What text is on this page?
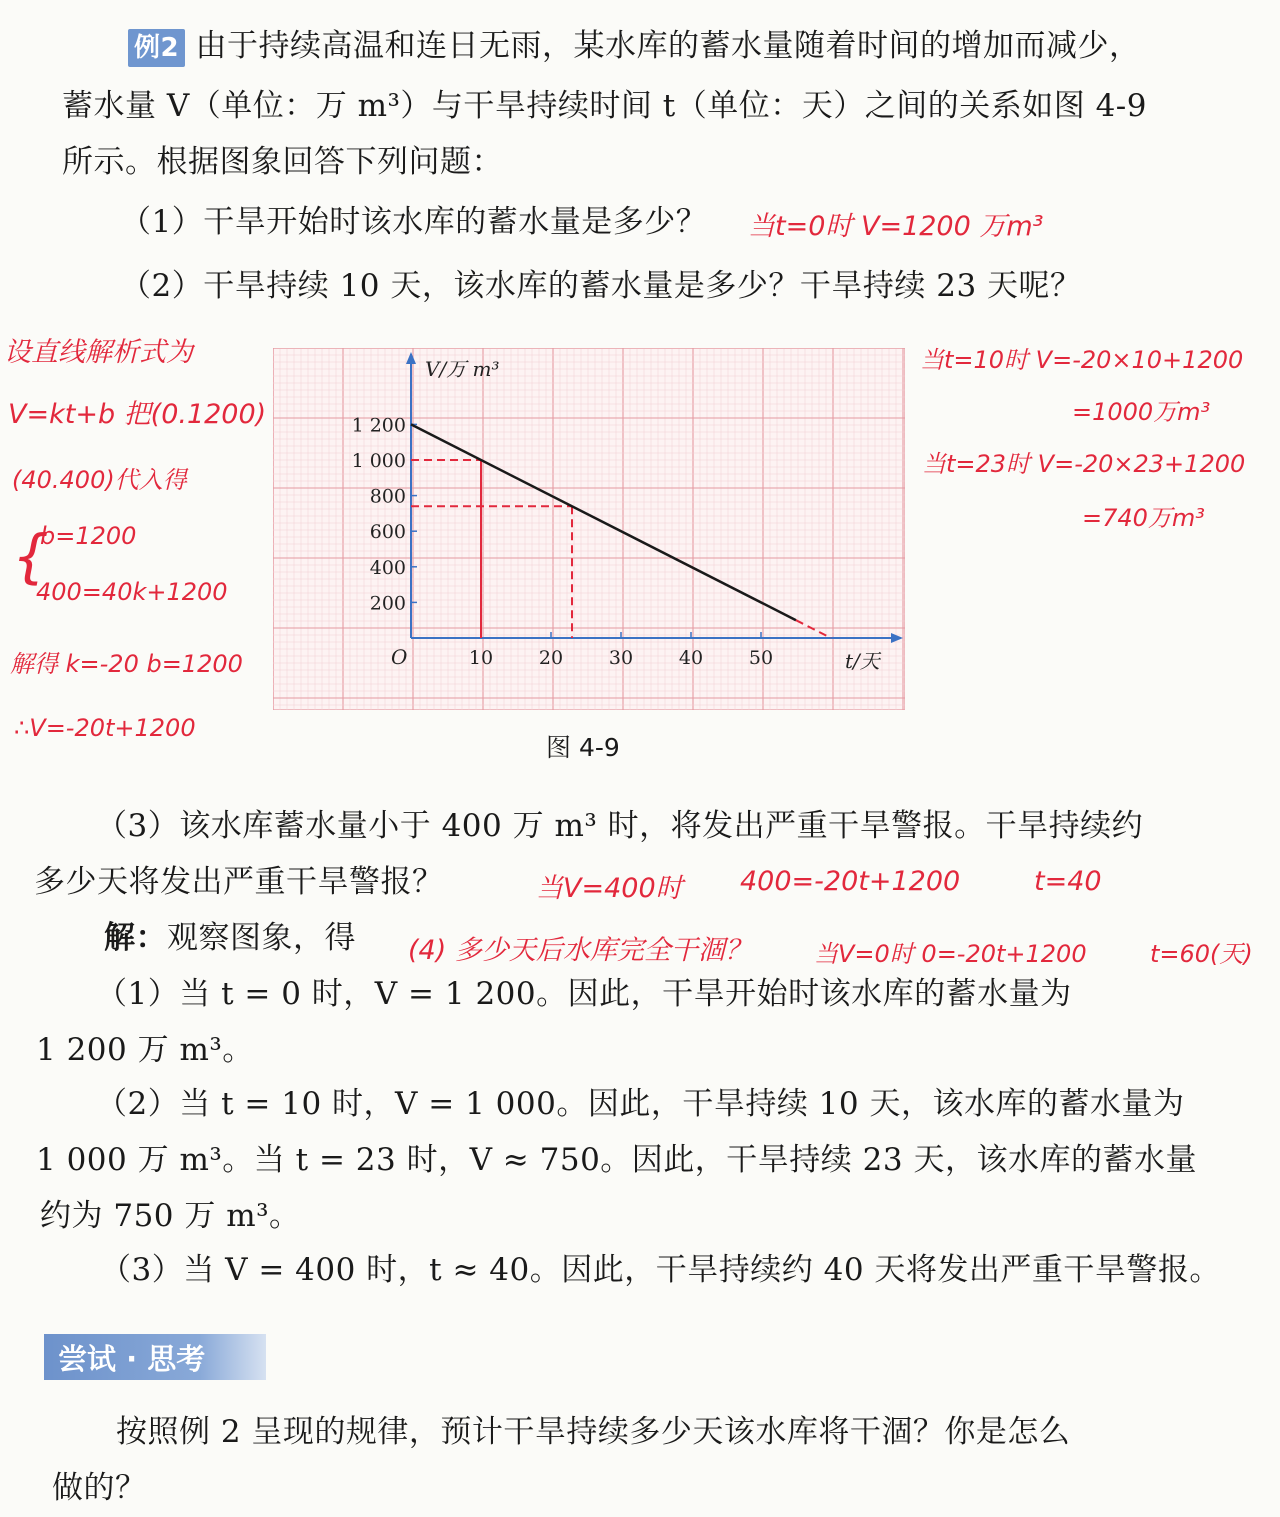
例2 由于持续高温和连日无雨，某水库的蓄水量随着时间的增加而减少，
蓄水量 V（单位：万 m³）与干旱持续时间 t（单位：天）之间的关系如图 4-9
所示。根据图象回答下列问题：
（1）干旱开始时该水库的蓄水量是多少？ 当t=0时 V=1200 万m³
（2）干旱持续 10 天，该水库的蓄水量是多少？干旱持续 23 天呢？
设直线解析式为
V=kt+b 把(0.1200)
(40.400)代入得
{
b=1200
400=40k+1200
解得 k=-20 b=1200
∴V=-20t+1200
当t=10时 V=-20×10+1200
=1000万m³
当t=23时 V=-20×23+1200
=740万m³
V/万 m³
t/天
O	10 20 30 40 50
200
400
600
800
1 000
1 200
图 4-9
（3）该水库蓄水量小于 400 万 m³ 时，将发出严重干旱警报。干旱持续约
多少天将发出严重干旱警报？	当V=400时 400=-20t+1200	t=40
解：观察图象，得 (4) 多少天后水库完全干涸？	当V=0时 0=-20t+1200	t=60(天)
（1）当 t = 0 时，V = 1 200。因此，干旱开始时该水库的蓄水量为
1 200 万 m³。
（2）当 t = 10 时，V = 1 000。因此，干旱持续 10 天，该水库的蓄水量为
1 000 万 m³。当 t = 23 时，V ≈ 750。因此，干旱持续 23 天，该水库的蓄水量
约为 750 万 m³。
（3）当 V = 400 时，t ≈ 40。因此，干旱持续约 40 天将发出严重干旱警报。
尝试 · 思考
按照例 2 呈现的规律，预计干旱持续多少天该水库将干涸？你是怎么
做的？
